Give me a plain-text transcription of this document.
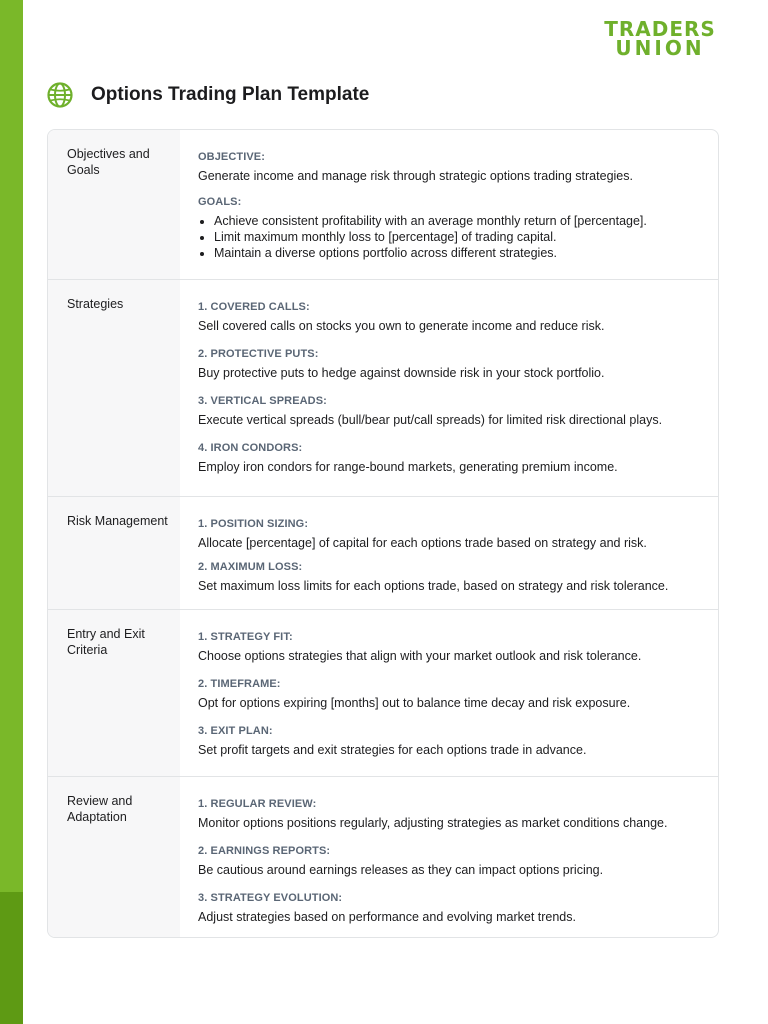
TRADERS
UNION
Options Trading Plan Template
Objectives and Goals
OBJECTIVE:
Generate income and manage risk through strategic options trading strategies.
GOALS:
• Achieve consistent profitability with an average monthly return of [percentage].
• Limit maximum monthly loss to [percentage] of trading capital.
• Maintain a diverse options portfolio across different strategies.
Strategies	1. COVERED CALLS:
Sell covered calls on stocks you own to generate income and reduce risk.
2. PROTECTIVE PUTS:
Buy protective puts to hedge against downside risk in your stock portfolio.
3. VERTICAL SPREADS:
Execute vertical spreads (bull/bear put/call spreads) for limited risk directional plays.
4. IRON CONDORS:
Employ iron condors for range-bound markets, generating premium income.
Risk Management	1. POSITION SIZING:
Allocate [percentage] of capital for each options trade based on strategy and risk.
2. MAXIMUM LOSS:
Set maximum loss limits for each options trade, based on strategy and risk tolerance.
Entry and Exit Criteria
1. STRATEGY FIT:
Choose options strategies that align with your market outlook and risk tolerance.
2. TIMEFRAME:
Opt for options expiring [months] out to balance time decay and risk exposure.
3. EXIT PLAN:
Set profit targets and exit strategies for each options trade in advance.
Review and Adaptation
1. REGULAR REVIEW:
Monitor options positions regularly, adjusting strategies as market conditions change.
2. EARNINGS REPORTS:
Be cautious around earnings releases as they can impact options pricing.
3. STRATEGY EVOLUTION:
Adjust strategies based on performance and evolving market trends.
